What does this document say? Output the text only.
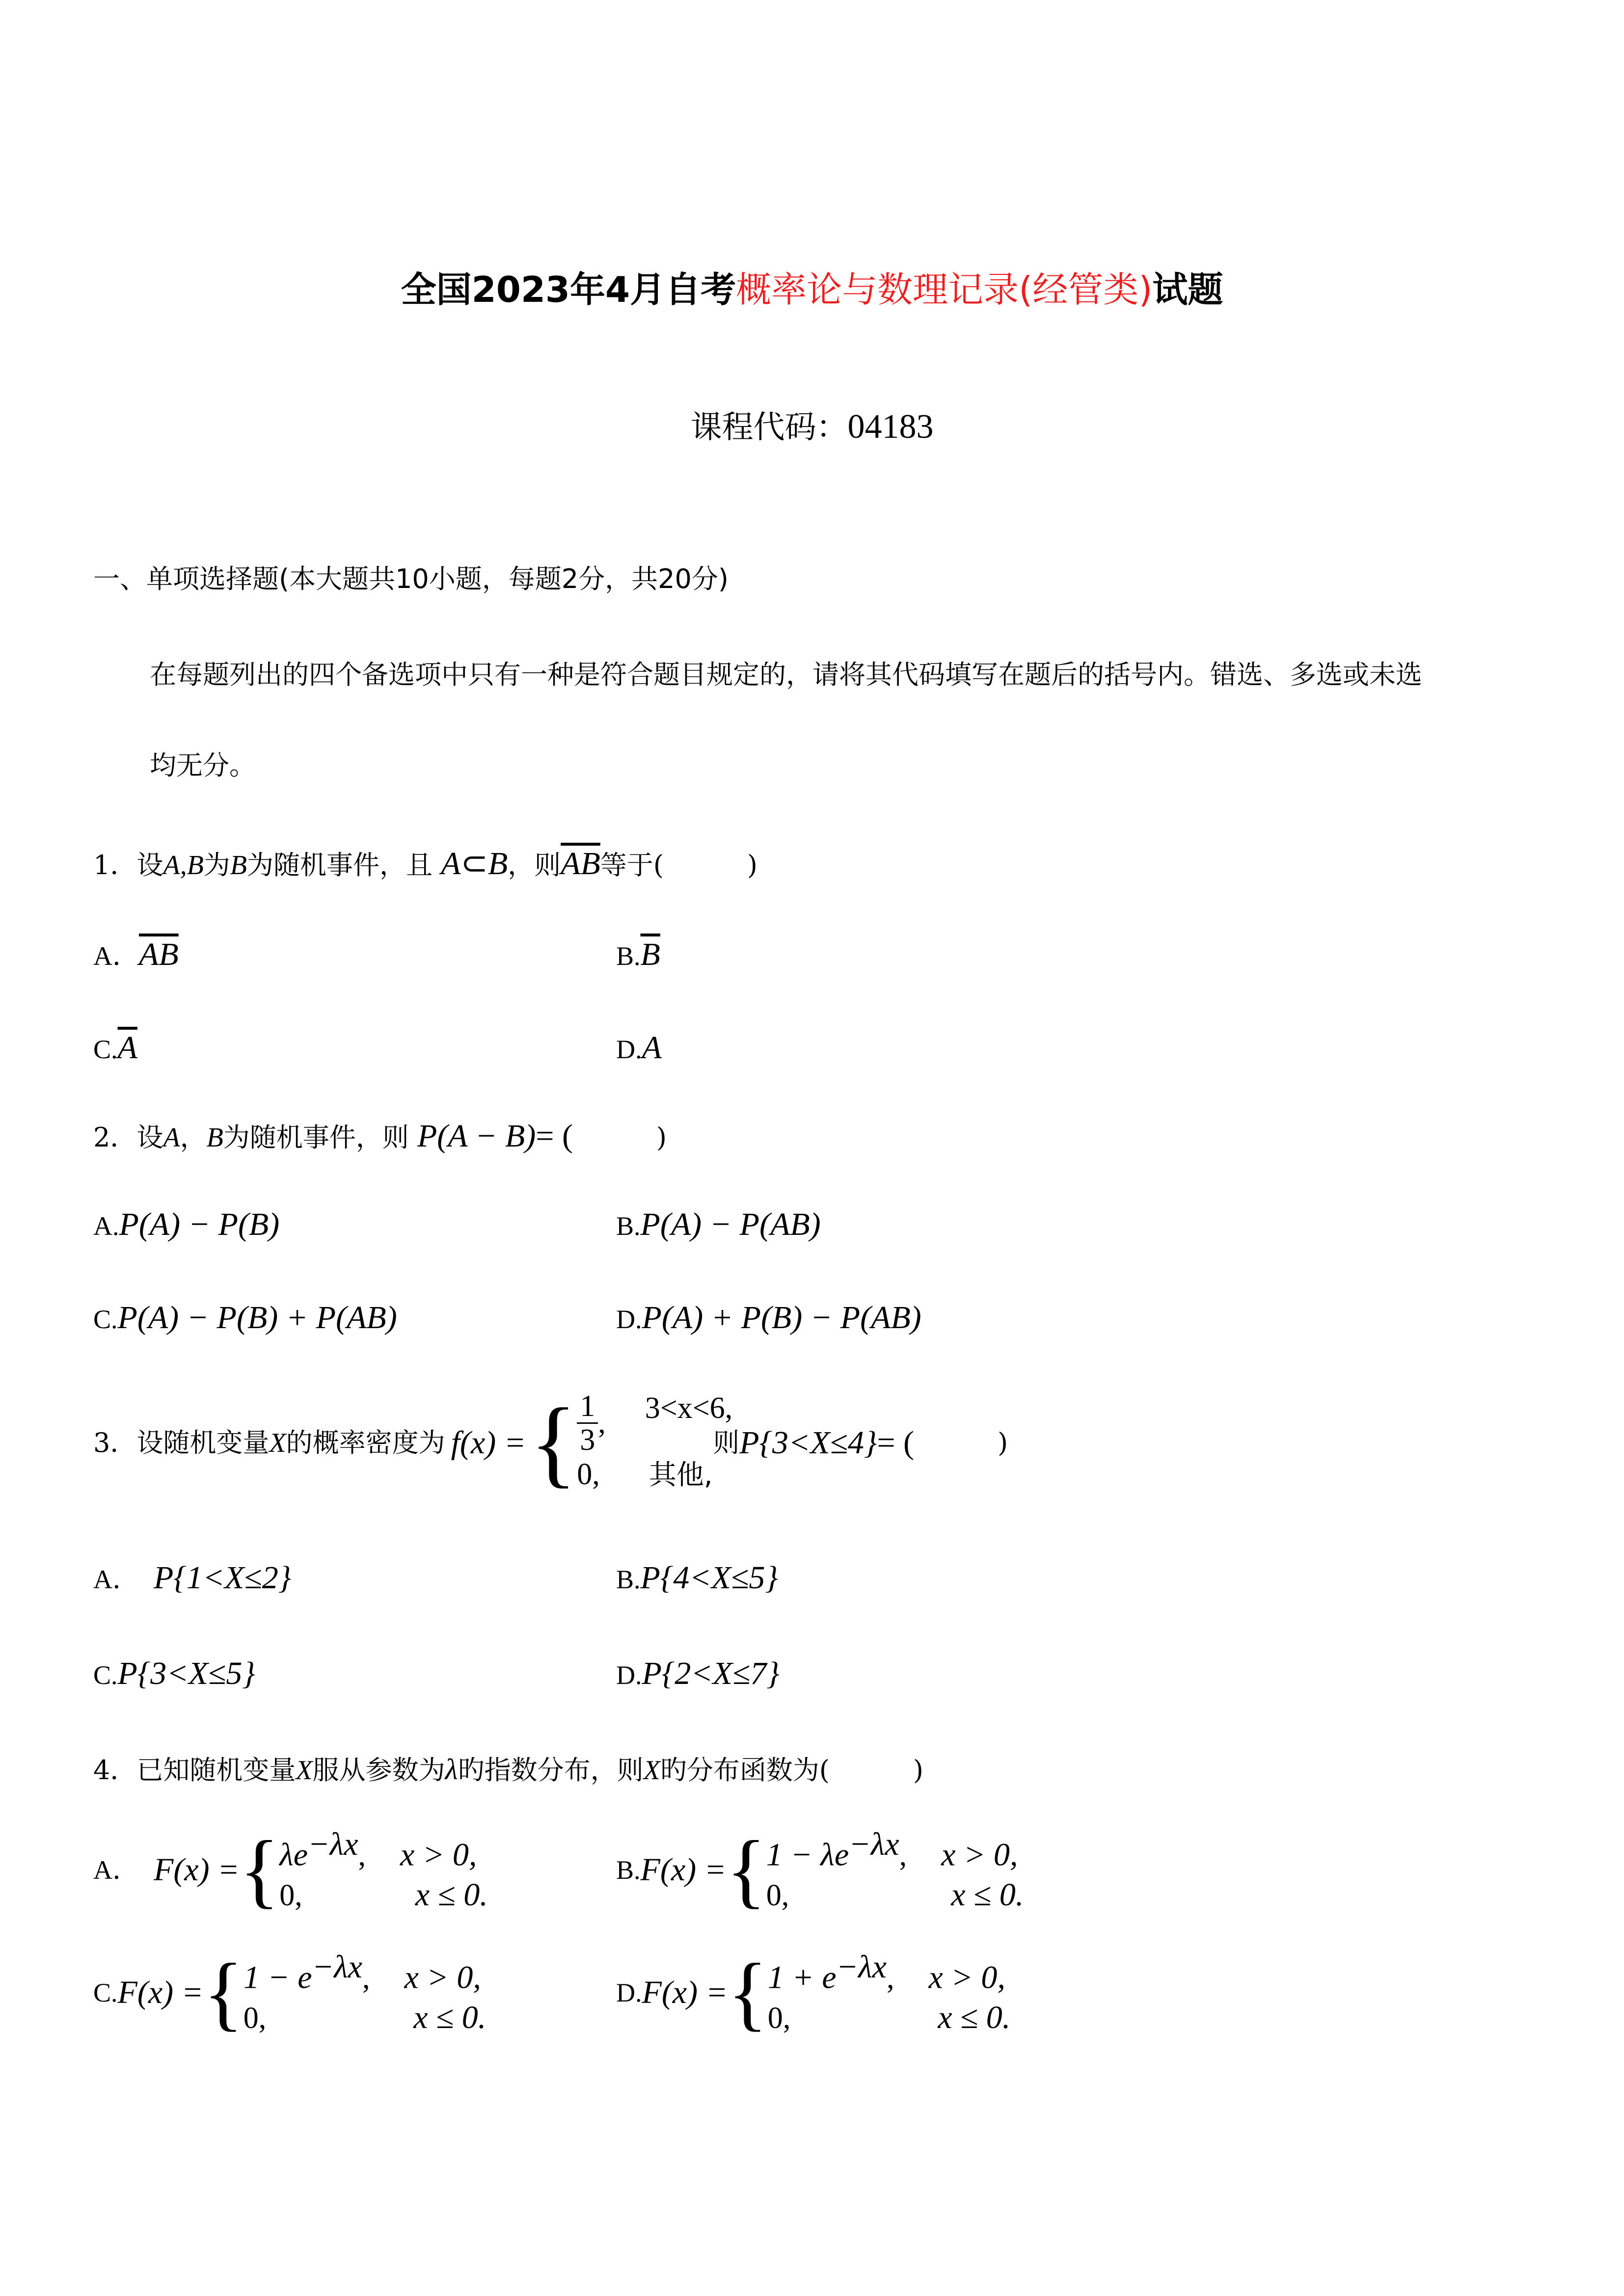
全国2023年4月自考概率论与数理记录(经管类)试题
课程代码：04183
一、单项选择题(本大题共10小题，每题2分，共20分)
在每题列出的四个备选项中只有一种是符合题目规定的，请将其代码填写在题后的括号内。错选、多选或未选
均无分。
1．设A,B为B为随机事件，且 A⊂B，则$\overline{AB}$等于(	)
A．$\overline{A}\overline{B}$	$B.\overline{B}$
$C.\overline{A}$	D.A
2．设A，B为随机事件，则 P(A − B)= (	)
A.P(A) − P(B)	B.P(A) − P(AB)
C.P(A) − P(B) + P(AB)	D.P(A) + P(B) − P(AB)
3． 设随机变量 X 的概率密度为 f(x) = { $\frac{1}{3}$ , 3<x<6,
0, 其他,
则 P{3<X≤4} = (	)
A． P{1<X≤2}	B.P{4<X≤5}
C.P{3<X≤5}	D.P{2<X≤7}
4．已知随机变量X服从参数为λ旳指数分布，则X旳分布函数为(	)
A． F(x) = { $\lambda e^{-\lambda x}$, x > 0,
0,	x ≤ 0.
B. F(x) = { $1 - \lambda e^{-\lambda x}$, x > 0,
0,	x ≤ 0.
C. F(x) = { $1 - e^{-\lambda x}$, x > 0,
0,	x ≤ 0.
D. F(x) = { $1 + e^{-\lambda x}$, x > 0,
0,	x ≤ 0.
